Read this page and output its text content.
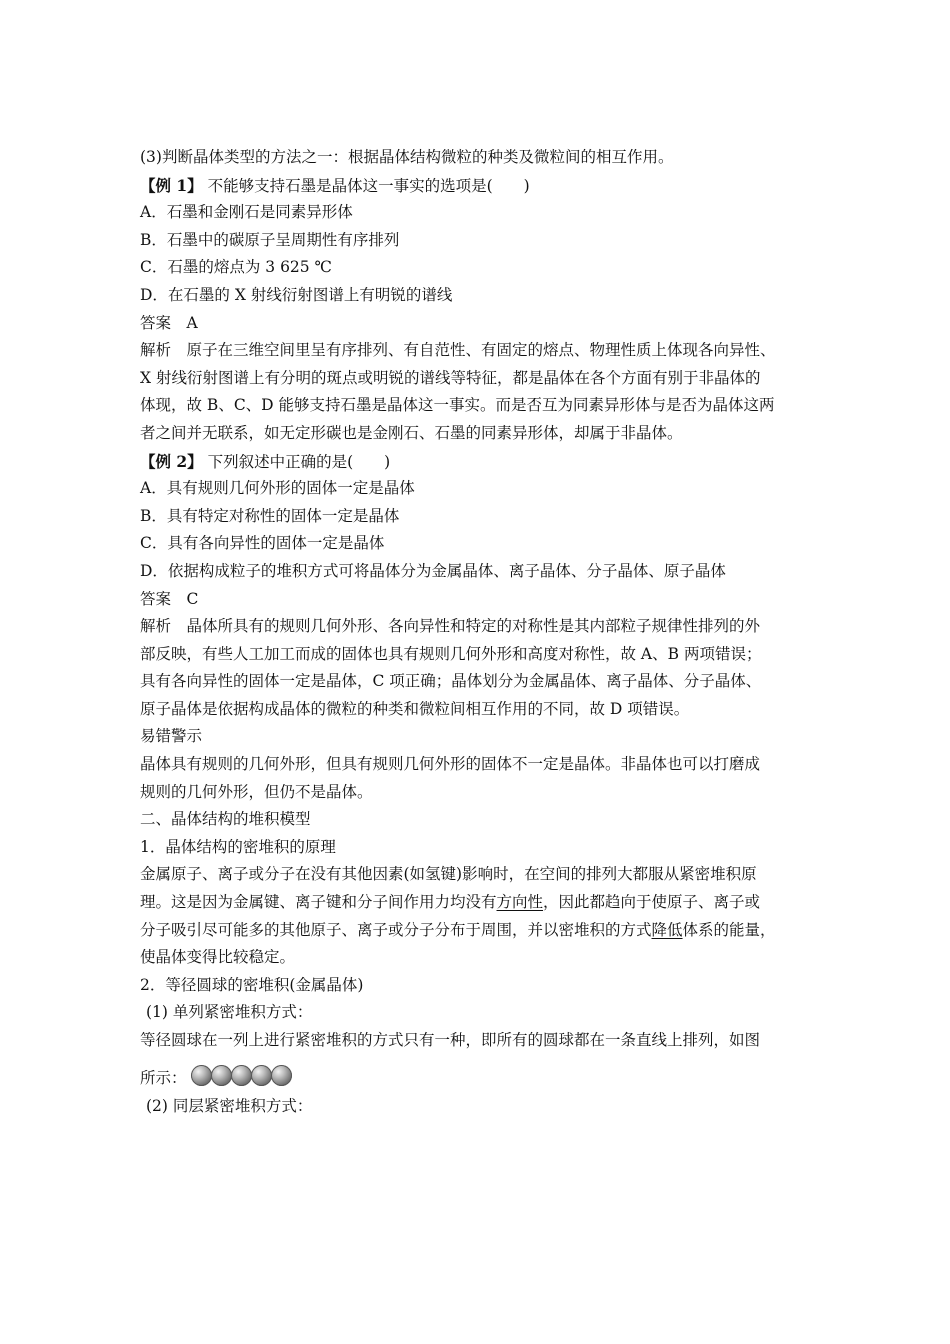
(3)判断晶体类型的方法之一：根据晶体结构微粒的种类及微粒间的相互作用。
【例 1】 不能够支持石墨是晶体这一事实的选项是(　　)
A．石墨和金刚石是同素异形体
B．石墨中的碳原子呈周期性有序排列
C．石墨的熔点为 3 625 ℃
D．在石墨的 X 射线衍射图谱上有明锐的谱线
答案　A
解析　原子在三维空间里呈有序排列、有自范性、有固定的熔点、物理性质上体现各向异性、
X 射线衍射图谱上有分明的斑点或明锐的谱线等特征，都是晶体在各个方面有别于非晶体的
体现，故 B、C、D 能够支持石墨是晶体这一事实。而是否互为同素异形体与是否为晶体这两
者之间并无联系，如无定形碳也是金刚石、石墨的同素异形体，却属于非晶体。
【例 2】 下列叙述中正确的是(　　)
A．具有规则几何外形的固体一定是晶体
B．具有特定对称性的固体一定是晶体
C．具有各向异性的固体一定是晶体
D．依据构成粒子的堆积方式可将晶体分为金属晶体、离子晶体、分子晶体、原子晶体
答案　C
解析　晶体所具有的规则几何外形、各向异性和特定的对称性是其内部粒子规律性排列的外
部反映，有些人工加工而成的固体也具有规则几何外形和高度对称性，故 A、B 两项错误；
具有各向异性的固体一定是晶体，C 项正确；晶体划分为金属晶体、离子晶体、分子晶体、
原子晶体是依据构成晶体的微粒的种类和微粒间相互作用的不同，故 D 项错误。
易错警示
晶体具有规则的几何外形，但具有规则几何外形的固体不一定是晶体。非晶体也可以打磨成
规则的几何外形，但仍不是晶体。
二、晶体结构的堆积模型
1．晶体结构的密堆积的原理
金属原子、离子或分子在没有其他因素(如氢键)影响时，在空间的排列大都服从紧密堆积原
理。这是因为金属键、离子键和分子间作用力均没有方向性，因此都趋向于使原子、离子或
分子吸引尽可能多的其他原子、离子或分子分布于周围，并以密堆积的方式降低体系的能量，
使晶体变得比较稳定。
2．等径圆球的密堆积(金属晶体)
(1) 单列紧密堆积方式：
等径圆球在一列上进行紧密堆积的方式只有一种，即所有的圆球都在一条直线上排列，如图
所示：
(2) 同层紧密堆积方式：
